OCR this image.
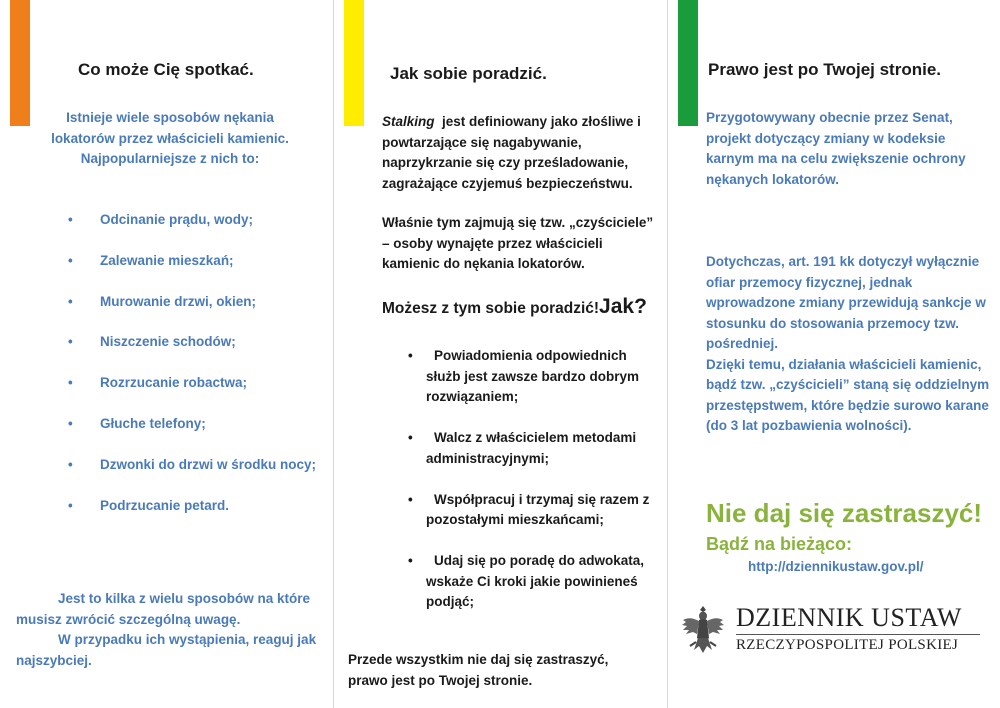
Co może Cię spotkać.
Istnieje wiele sposobów nękania lokatorów przez właścicieli kamienic. Najpopularniejsze z nich to:
• Odcinanie prądu, wody;
• Zalewanie mieszkań;
• Murowanie drzwi, okien;
• Niszczenie schodów;
• Rozrzucanie robactwa;
• Głuche telefony;
•	Dzwonki do drzwi w środku nocy;
• Podrzucanie petard.
Jest to kilka z wielu sposobów na które musisz zwrócić szczególną uwagę.
W przypadku ich wystąpienia, reaguj jak najszybciej.
Jak sobie poradzić.
Stalking jest definiowany jako złośliwe i powtarzające się nagabywanie, naprzykrzanie się czy prześladowanie, zagrażające czyjemuś bezpieczeństwu.
Właśnie tym zajmują się tzw. „czyściciele” – osoby wynajęte przez właścicieli kamienic do nękania lokatorów.
Możesz z tym sobie poradzić!Jak?
•	Powiadomienia odpowiednich służb jest zawsze bardzo dobrym rozwiązaniem;
•	Walcz z właścicielem metodami administracyjnymi;
•	Współpracuj i trzymaj się razem z pozostałymi mieszkańcami;
•	Udaj się po poradę do adwokata, wskaże Ci kroki jakie powinieneś podjąć;
Przede wszystkim nie daj się zastraszyć, prawo jest po Twojej stronie.
Prawo jest po Twojej stronie.
Przygotowywany obecnie przez Senat, projekt dotyczący zmiany w kodeksie karnym ma na celu zwiększenie ochrony nękanych lokatorów.
Dotychczas, art. 191 kk dotyczył wyłącznie ofiar przemocy fizycznej, jednak wprowadzone zmiany przewidują sankcje w stosunku do stosowania przemocy tzw. pośredniej.
Dzięki temu, działania właścicieli kamienic, bądź tzw. „czyścicieli” staną się oddzielnym przestępstwem, które będzie surowo karane (do 3 lat pozbawienia wolności).
Nie daj się zastraszyć!
Bądź na bieżąco:
http://dziennikustaw.gov.pl/
DZIENNIK USTAW
RZECZYPOSPOLITEJ POLSKIEJ
